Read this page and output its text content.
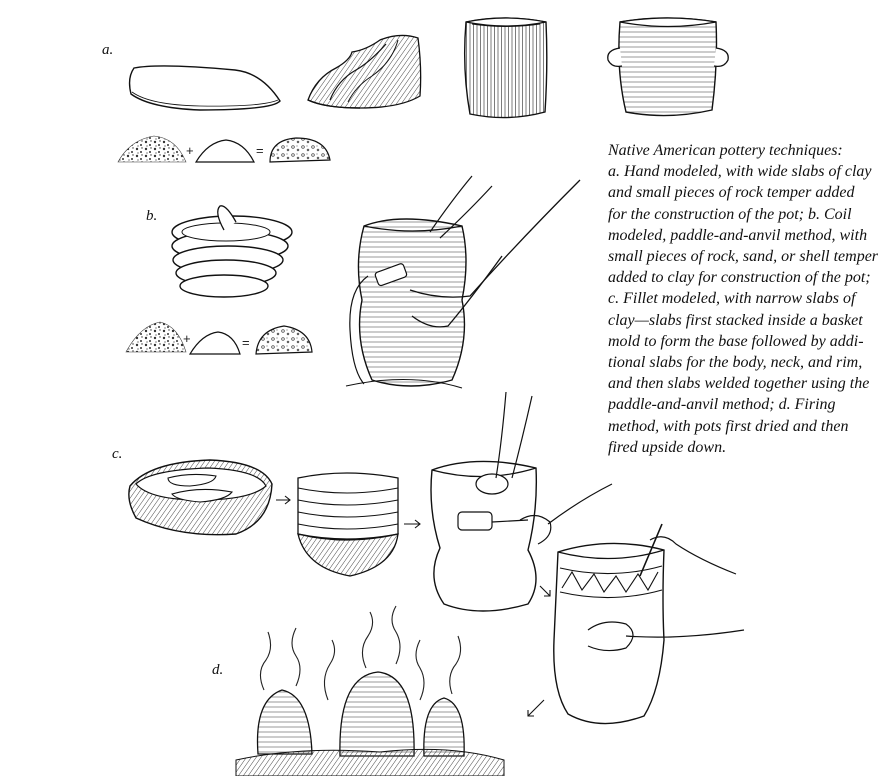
+	=
+	=
a.
b.
c.
d.
Native American pottery techniques:
a. Hand modeled, with wide slabs of clay
and small pieces of rock temper added
for the construction of the pot; b. Coil
modeled, paddle-and-anvil method, with
small pieces of rock, sand, or shell temper
added to clay for construction of the pot;
c. Fillet modeled, with narrow slabs of
clay—slabs first stacked inside a basket
mold to form the base followed by addi-
tional slabs for the body, neck, and rim,
and then slabs welded together using the
paddle-and-anvil method; d. Firing
method, with pots first dried and then
fired upside down.
